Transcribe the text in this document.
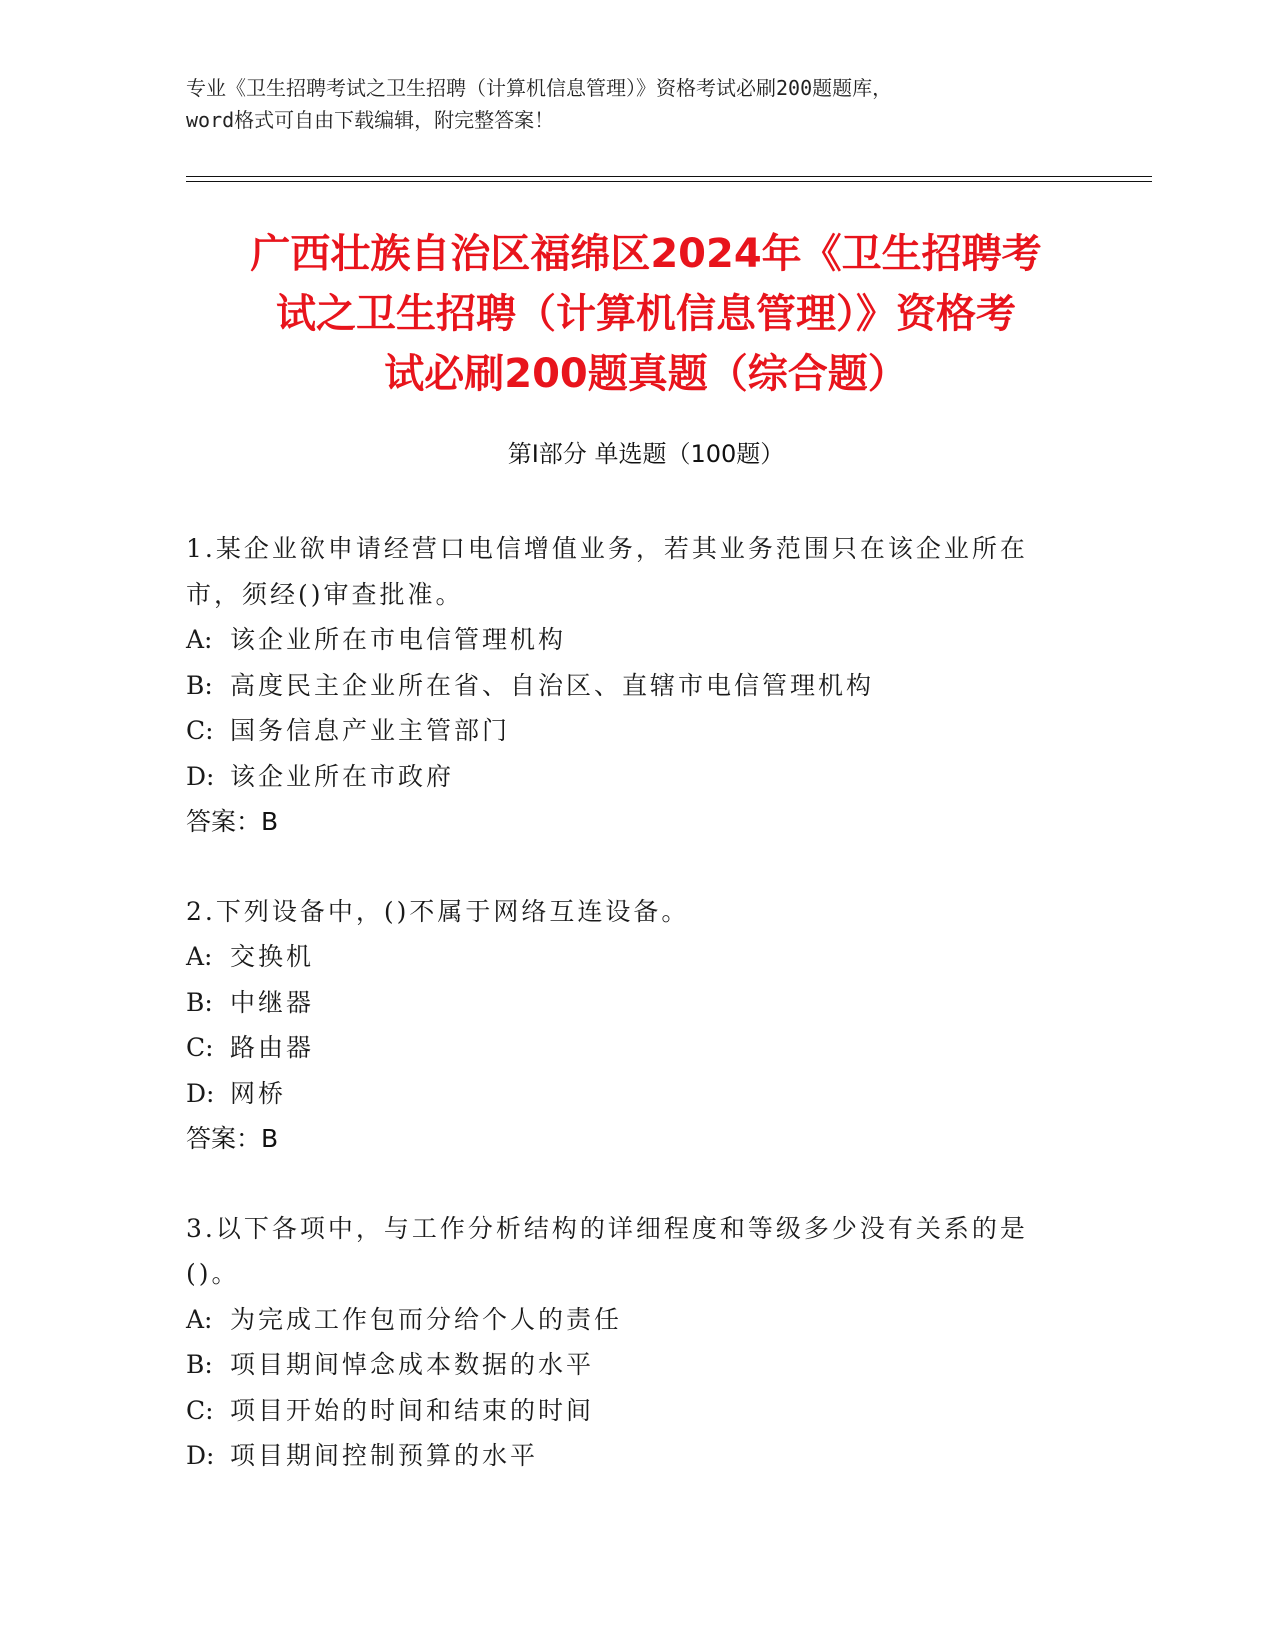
专业《卫生招聘考试之卫生招聘（计算机信息管理）》资格考试必刷200题题库，
word格式可自由下载编辑，附完整答案！
广西壮族自治区福绵区2024年《卫生招聘考
试之卫生招聘（计算机信息管理）》资格考
试必刷200题真题（综合题）
第Ⅰ部分 单选题（100题）
1.某企业欲申请经营口电信增值业务，若其业务范围只在该企业所在
市，须经()审查批准。
A: 该企业所在市电信管理机构
B: 高度民主企业所在省、自治区、直辖市电信管理机构
C: 国务信息产业主管部门
D: 该企业所在市政府
答案：B
2.下列设备中，()不属于网络互连设备。
A: 交换机
B: 中继器
C: 路由器
D: 网桥
答案：B
3.以下各项中，与工作分析结构的详细程度和等级多少没有关系的是
()。
A: 为完成工作包而分给个人的责任
B: 项目期间悼念成本数据的水平
C: 项目开始的时间和结束的时间
D: 项目期间控制预算的水平
